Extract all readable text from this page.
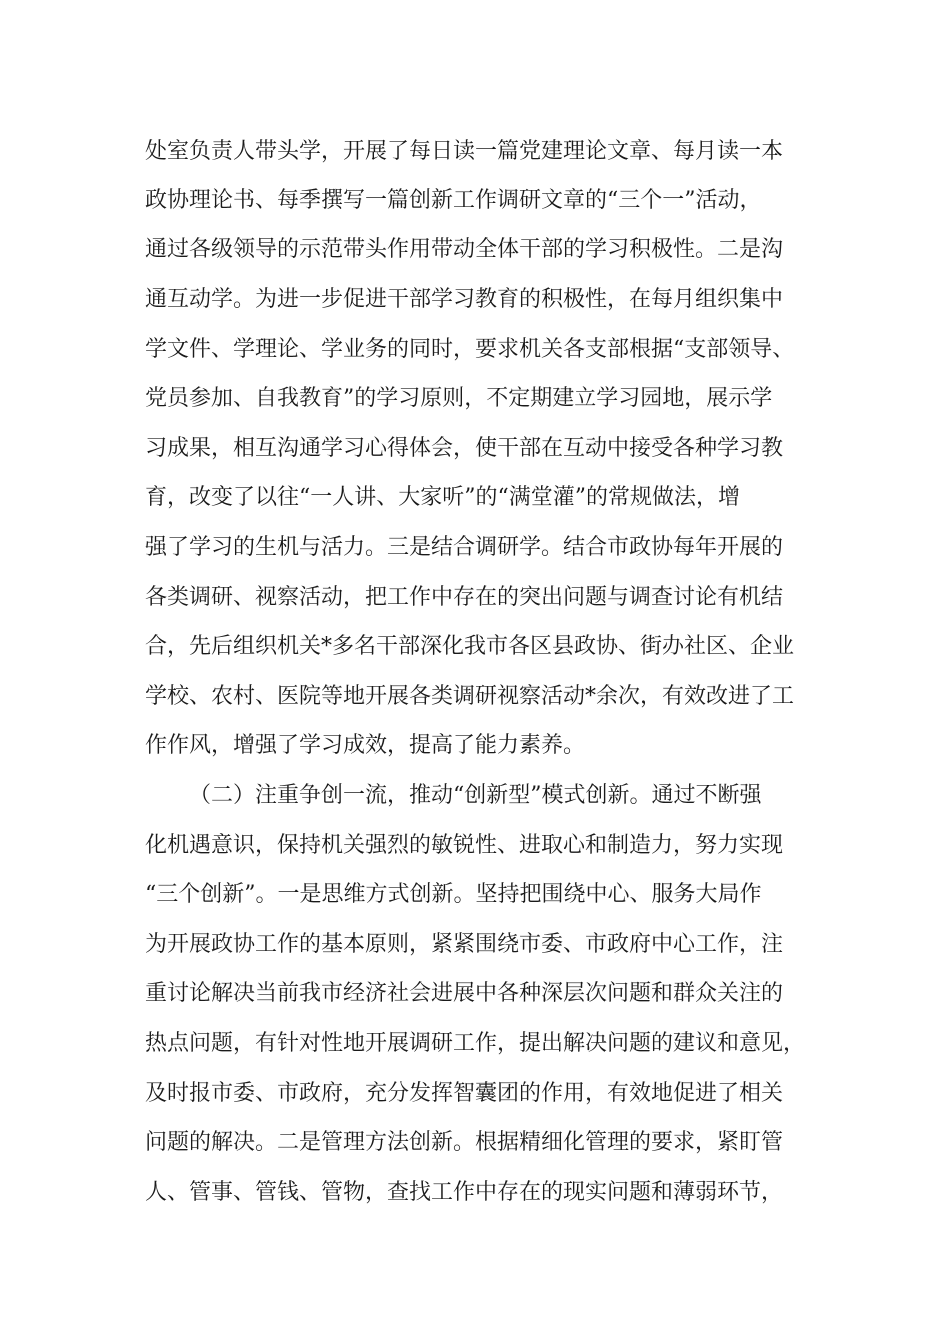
处室负责人带头学，开展了每日读一篇党建理论文章、每月读一本
政协理论书、每季撰写一篇创新工作调研文章的“三个一”活动，
通过各级领导的示范带头作用带动全体干部的学习积极性。二是沟
通互动学。为进一步促进干部学习教育的积极性，在每月组织集中
学文件、学理论、学业务的同时，要求机关各支部根据“支部领导、
党员参加、自我教育”的学习原则，不定期建立学习园地，展示学
习成果，相互沟通学习心得体会，使干部在互动中接受各种学习教
育，改变了以往“一人讲、大家听”的“满堂灌”的常规做法，增
强了学习的生机与活力。三是结合调研学。结合市政协每年开展的
各类调研、视察活动，把工作中存在的突出问题与调查讨论有机结
合，先后组织机关*多名干部深化我市各区县政协、街办社区、企业
学校、农村、医院等地开展各类调研视察活动*余次，有效改进了工
作作风，增强了学习成效，提高了能力素养。
（二）注重争创一流，推动“创新型”模式创新。通过不断强
化机遇意识，保持机关强烈的敏锐性、进取心和制造力，努力实现
“三个创新”。一是思维方式创新。坚持把围绕中心、服务大局作
为开展政协工作的基本原则，紧紧围绕市委、市政府中心工作，注
重讨论解决当前我市经济社会进展中各种深层次问题和群众关注的
热点问题，有针对性地开展调研工作，提出解决问题的建议和意见，
及时报市委、市政府，充分发挥智囊团的作用，有效地促进了相关
问题的解决。二是管理方法创新。根据精细化管理的要求，紧盯管
人、管事、管钱、管物，查找工作中存在的现实问题和薄弱环节，
